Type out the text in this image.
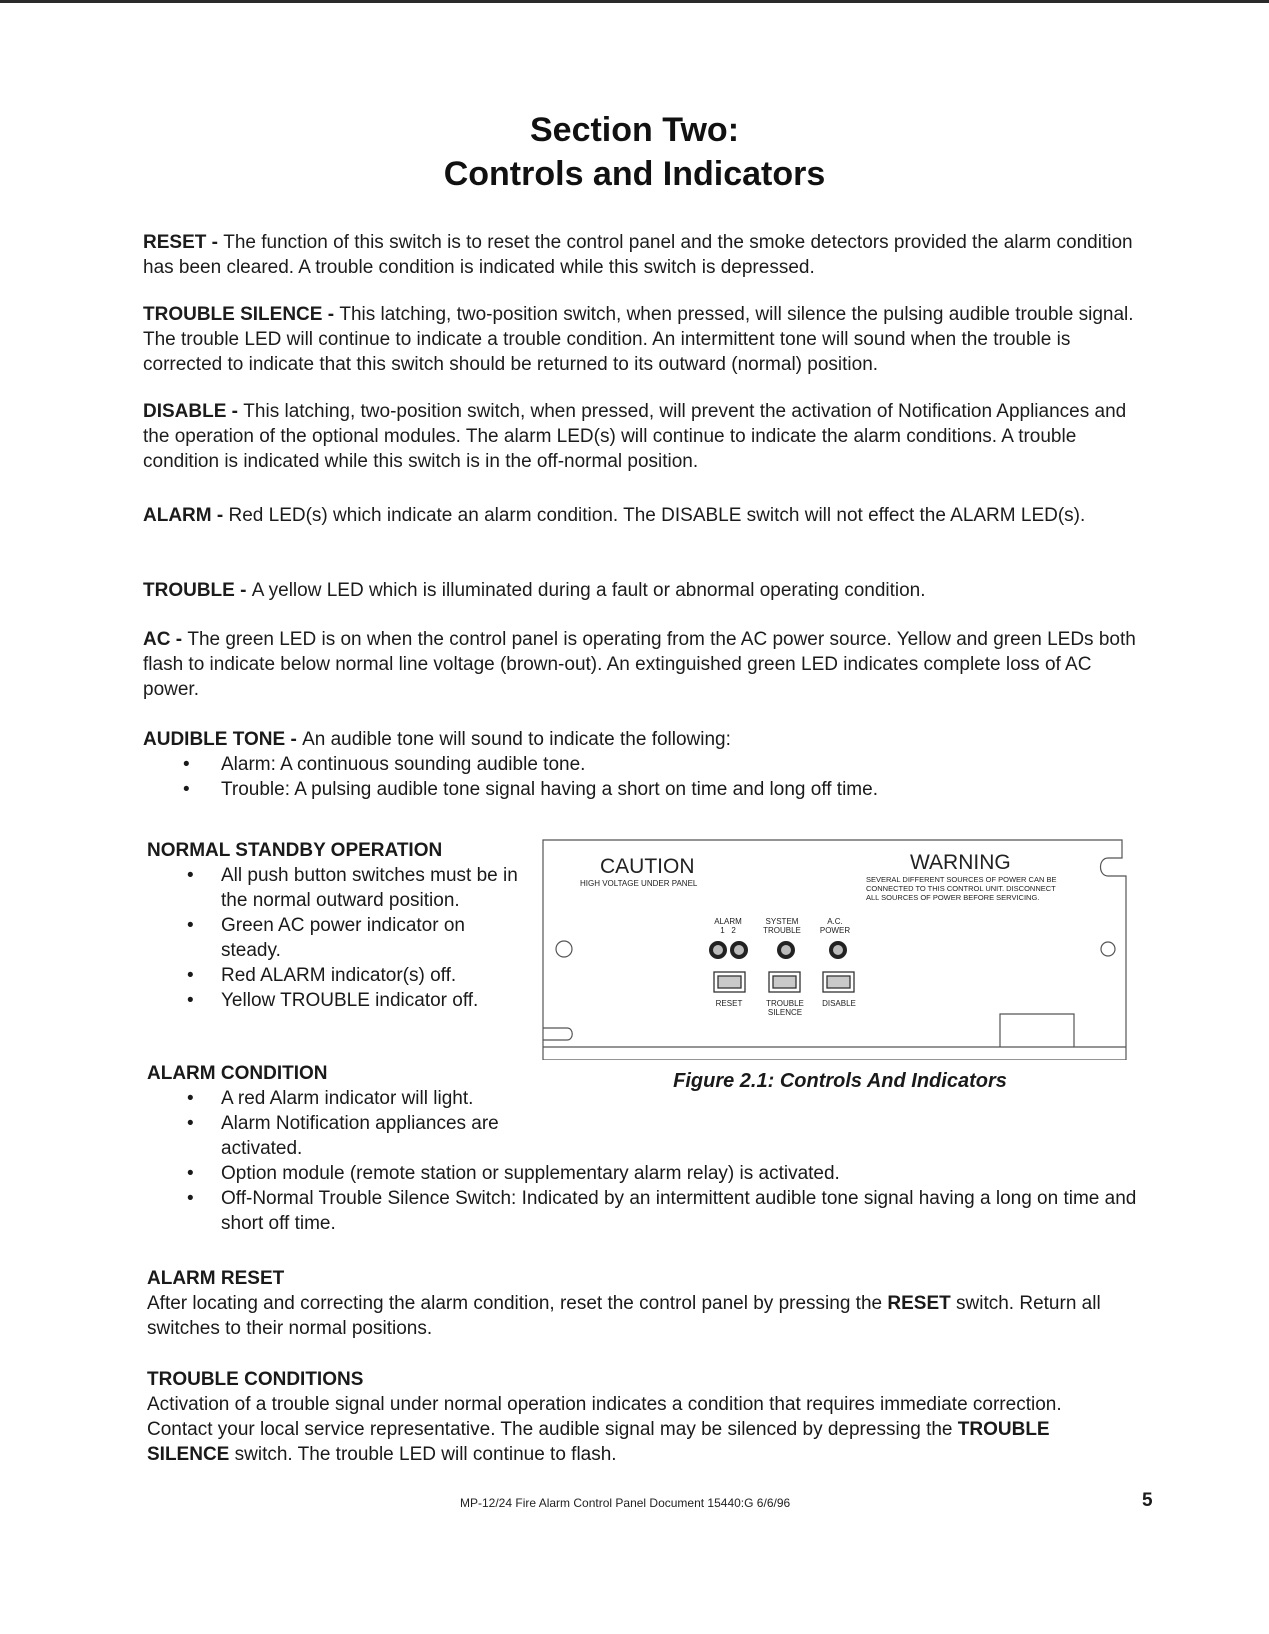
Section Two:
Controls and Indicators

RESET - The function of this switch is to reset the control panel and the smoke detectors provided the alarm condition has been cleared. A trouble condition is indicated while this switch is depressed.

TROUBLE SILENCE - This latching, two-position switch, when pressed, will silence the pulsing audible trouble signal. The trouble LED will continue to indicate a trouble condition. An intermittent tone will sound when the trouble is corrected to indicate that this switch should be returned to its outward (normal) position.

DISABLE - This latching, two-position switch, when pressed, will prevent the activation of Notification Appliances and the operation of the optional modules. The alarm LED(s) will continue to indicate the alarm conditions. A trouble condition is indicated while this switch is in the off-normal position.

ALARM - Red LED(s) which indicate an alarm condition. The DISABLE switch will not effect the ALARM LED(s).

TROUBLE - A yellow LED which is illuminated during a fault or abnormal operating condition.

AC - The green LED is on when the control panel is operating from the AC power source. Yellow and green LEDs both flash to indicate below normal line voltage (brown-out). An extinguished green LED indicates complete loss of AC power.

AUDIBLE TONE - An audible tone will sound to indicate the following:

• Alarm: A continuous sounding audible tone.
• Trouble: A pulsing audible tone signal having a short on time and long off time.
NORMAL STANDBY OPERATION
• All push button switches must be in the normal outward position.
• Green AC power indicator on steady.
• Red ALARM indicator(s) off.
• Yellow TROUBLE indicator off.
ALARM CONDITION
• A red Alarm indicator will light.
• Alarm Notification appliances are activated.
• Option module (remote station or supplementary alarm relay) is activated.
• Off-Normal Trouble Silence Switch: Indicated by an intermittent audible tone signal having a long on time and short off time.
ALARM RESET

After locating and correcting the alarm condition, reset the control panel by pressing the RESET switch. Return all switches to their normal positions.

TROUBLE CONDITIONS

Activation of a trouble signal under normal operation indicates a condition that requires immediate correction. Contact your local service representative. The audible signal may be silenced by depressing the TROUBLE SILENCE switch. The trouble LED will continue to flash.

CAUTION
HIGH VOLTAGE UNDER PANEL
WARNING
SEVERAL DIFFERENT SOURCES OF POWER CAN BE
CONNECTED TO THIS CONTROL UNIT. DISCONNECT
ALL SOURCES OF POWER BEFORE SERVICING.
ALARM
1   2
SYSTEM
TROUBLE
A.C.
POWER
RESET	TROUBLE
SILENCE
DISABLE
Figure 2.1: Controls And Indicators
MP-12/24 Fire Alarm Control Panel Document 15440:G 6/6/96	5
